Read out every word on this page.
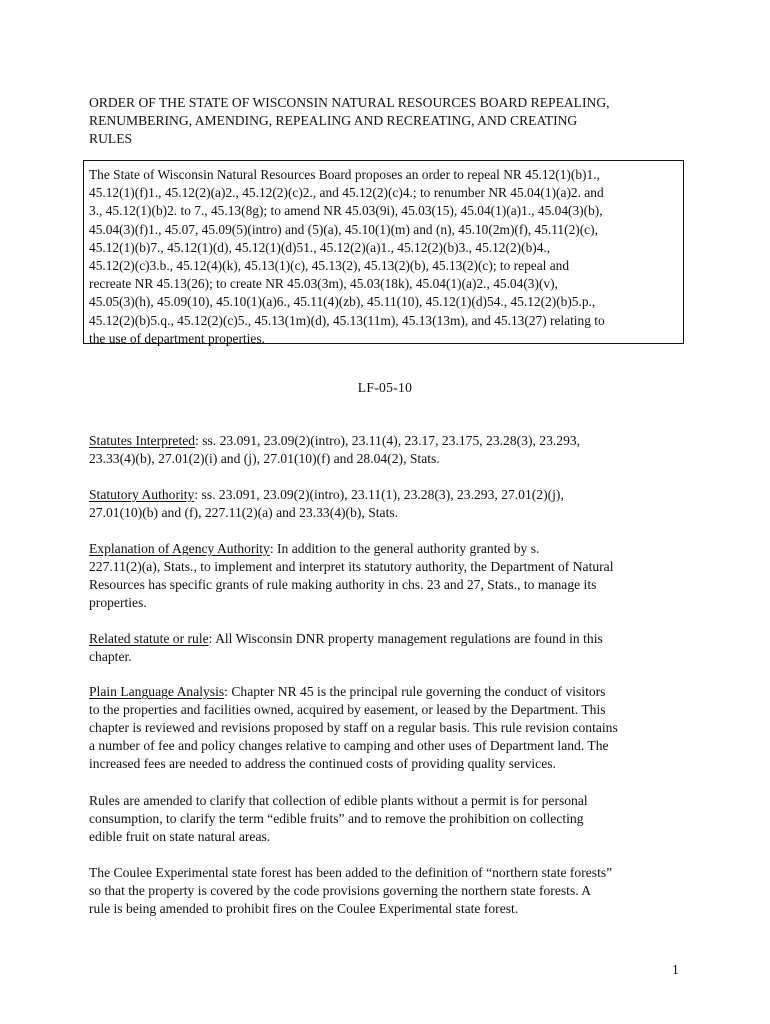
ORDER OF THE STATE OF WISCONSIN NATURAL RESOURCES BOARD REPEALING,
RENUMBERING, AMENDING, REPEALING AND RECREATING, AND CREATING
RULES
The State of Wisconsin Natural Resources Board proposes an order to repeal NR 45.12(1)(b)1.,
45.12(1)(f)1., 45.12(2)(a)2., 45.12(2)(c)2., and 45.12(2)(c)4.; to renumber NR 45.04(1)(a)2. and
3., 45.12(1)(b)2. to 7., 45.13(8g); to amend NR 45.03(9i), 45.03(15), 45.04(1)(a)1., 45.04(3)(b),
45.04(3)(f)1., 45.07, 45.09(5)(intro) and (5)(a), 45.10(1)(m) and (n), 45.10(2m)(f), 45.11(2)(c),
45.12(1)(b)7., 45.12(1)(d), 45.12(1)(d)51., 45.12(2)(a)1., 45.12(2)(b)3., 45.12(2)(b)4.,
45.12(2)(c)3.b., 45.12(4)(k), 45.13(1)(c), 45.13(2), 45.13(2)(b), 45.13(2)(c); to repeal and
recreate NR 45.13(26); to create NR 45.03(3m), 45.03(18k), 45.04(1)(a)2., 45.04(3)(v),
45.05(3)(h), 45.09(10), 45.10(1)(a)6., 45.11(4)(zb), 45.11(10), 45.12(1)(d)54., 45.12(2)(b)5.p.,
45.12(2)(b)5.q., 45.12(2)(c)5., 45.13(1m)(d), 45.13(11m), 45.13(13m), and 45.13(27) relating to
the use of department properties.
LF-05-10
Statutes Interpreted: ss. 23.091, 23.09(2)(intro), 23.11(4), 23.17, 23.175, 23.28(3), 23.293,
23.33(4)(b), 27.01(2)(i) and (j), 27.01(10)(f) and 28.04(2), Stats.
Statutory Authority: ss. 23.091, 23.09(2)(intro), 23.11(1), 23.28(3), 23.293, 27.01(2)(j),
27.01(10)(b) and (f), 227.11(2)(a) and 23.33(4)(b), Stats.
Explanation of Agency Authority: In addition to the general authority granted by s.
227.11(2)(a), Stats., to implement and interpret its statutory authority, the Department of Natural
Resources has specific grants of rule making authority in chs. 23 and 27, Stats., to manage its
properties.
Related statute or rule: All Wisconsin DNR property management regulations are found in this
chapter.
Plain Language Analysis: Chapter NR 45 is the principal rule governing the conduct of visitors
to the properties and facilities owned, acquired by easement, or leased by the Department. This
chapter is reviewed and revisions proposed by staff on a regular basis. This rule revision contains
a number of fee and policy changes relative to camping and other uses of Department land. The
increased fees are needed to address the continued costs of providing quality services.
Rules are amended to clarify that collection of edible plants without a permit is for personal
consumption, to clarify the term “edible fruits” and to remove the prohibition on collecting
edible fruit on state natural areas.
The Coulee Experimental state forest has been added to the definition of “northern state forests”
so that the property is covered by the code provisions governing the northern state forests. A
rule is being amended to prohibit fires on the Coulee Experimental state forest.
1
